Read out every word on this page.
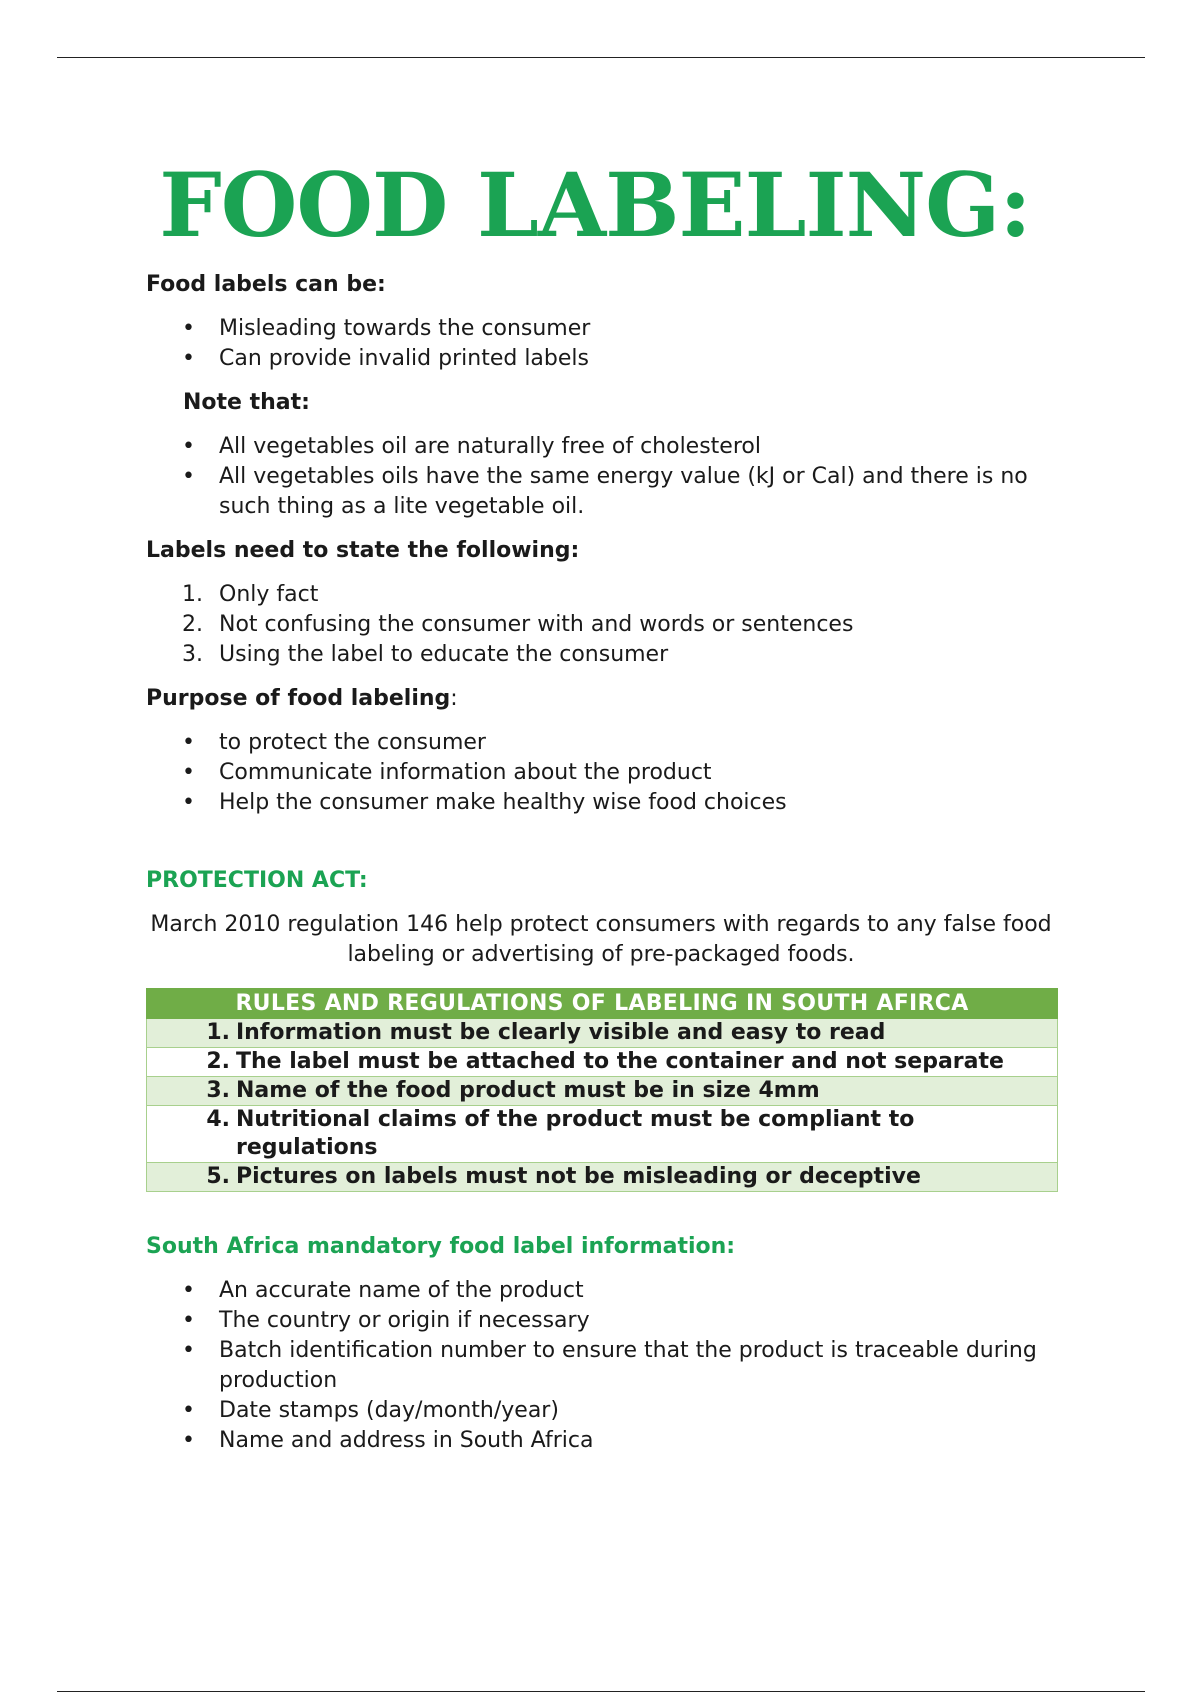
FOOD LABELING:

Food labels can be:

• Misleading towards the consumer
• Can provide invalid printed labels

Note that:

• All vegetables oil are naturally free of cholesterol
• All vegetables oils have the same energy value (kJ or Cal) and there is no such thing as a lite vegetable oil.

Labels need to state the following:

1. Only fact
2. Not confusing the consumer with and words or sentences
3. Using the label to educate the consumer

Purpose of food labeling:

• to protect the consumer
• Communicate information about the product
• Help the consumer make healthy wise food choices

PROTECTION ACT:

March 2010 regulation 146 help protect consumers with regards to any false food labeling or advertising of pre-packaged foods.

RULES AND REGULATIONS OF LABELING IN SOUTH AFIRCA

1. Information must be clearly visible and easy to read

2. The label must be attached to the container and not separate

3. Name of the food product must be in size 4mm

4. Nutritional claims of the product must be compliant to regulations

5. Pictures on labels must not be misleading or deceptive

South Africa mandatory food label information:

• An accurate name of the product
• The country or origin if necessary
• Batch identification number to ensure that the product is traceable during production
• Date stamps (day/month/year)
• Name and address in South Africa
